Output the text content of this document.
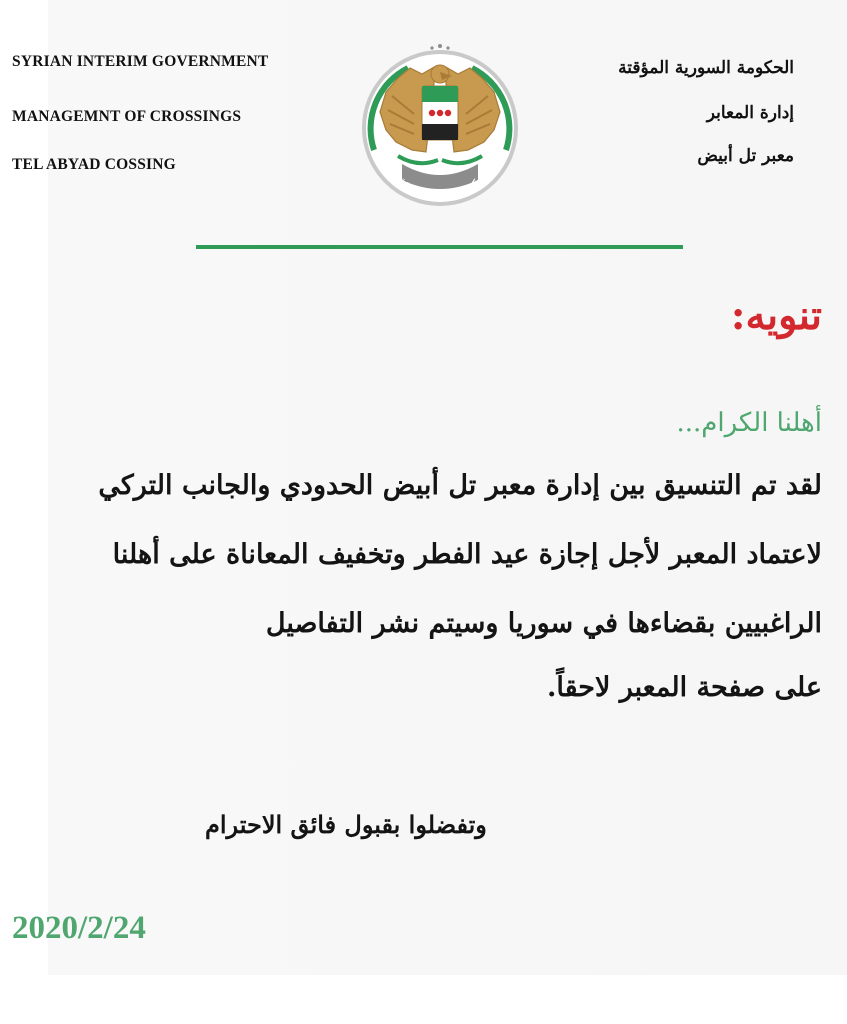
SYRIAN INTERIM GOVERNMENT
MANAGEMNT OF CROSSINGS
TEL ABYAD COSSING
الحكومة السورية المؤقتة
إدارة المعابر
معبر تل أبيض
الحكومة السورية المؤقتة
تنويه:
أهلنا الكرام...
لقد تم التنسيق بين إدارة معبر تل أبيض الحدودي والجانب التركي
لاعتماد المعبر لأجل إجازة عيد الفطر وتخفيف المعاناة على أهلنا
الراغبيين بقضاءها في سوريا وسيتم نشر التفاصيل
على صفحة المعبر لاحقاً.
وتفضلوا بقبول فائق الاحترام
2020/2/24
